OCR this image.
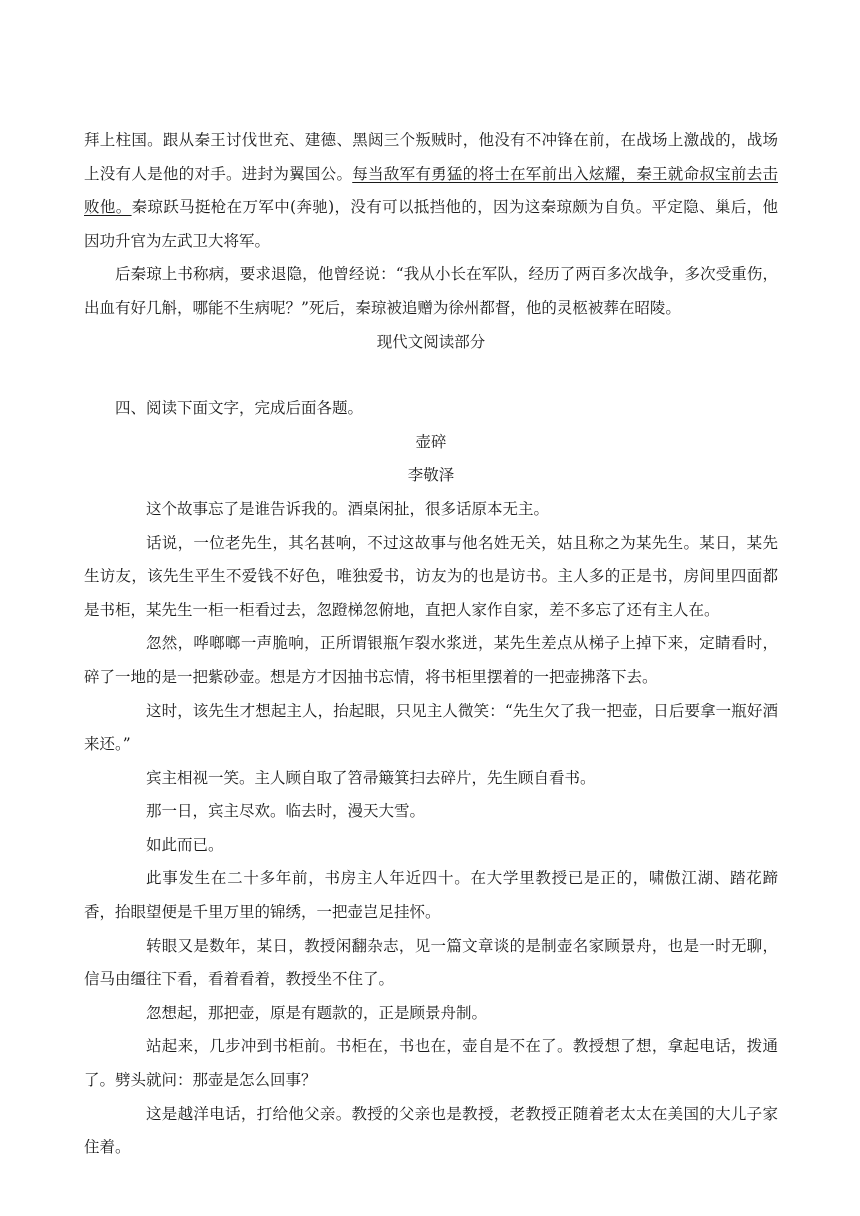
拜上柱国。跟从秦王讨伐世充、建德、黑闼三个叛贼时，他没有不冲锋在前，在战场上激战的，战场上没有人是他的对手。进封为翼国公。每当敌军有勇猛的将士在军前出入炫耀，秦王就命叔宝前去击败他。秦琼跃马挺枪在万军中(奔驰)，没有可以抵挡他的，因为这秦琼颇为自负。平定隐、巢后，他因功升官为左武卫大将军。

后秦琼上书称病，要求退隐，他曾经说：“我从小长在军队，经历了两百多次战争，多次受重伤，出血有好几斛，哪能不生病呢？”死后，秦琼被追赠为徐州都督，他的灵柩被葬在昭陵。

现代文阅读部分

四、阅读下面文字，完成后面各题。

壶碎

李敬泽

这个故事忘了是谁告诉我的。酒桌闲扯，很多话原本无主。

话说，一位老先生，其名甚响，不过这故事与他名姓无关，姑且称之为某先生。某日，某先生访友，该先生平生不爱钱不好色，唯独爱书，访友为的也是访书。主人多的正是书，房间里四面都是书柜，某先生一柜一柜看过去，忽蹬梯忽俯地，直把人家作自家，差不多忘了还有主人在。

忽然，哗啷啷一声脆响，正所谓银瓶乍裂水浆迸，某先生差点从梯子上掉下来，定睛看时，碎了一地的是一把紫砂壶。想是方才因抽书忘情，将书柜里摆着的一把壶拂落下去。

这时，该先生才想起主人，抬起眼，只见主人微笑：“先生欠了我一把壶，日后要拿一瓶好酒来还。”

宾主相视一笑。主人顾自取了笤帚簸箕扫去碎片，先生顾自看书。

那一日，宾主尽欢。临去时，漫天大雪。

如此而已。

此事发生在二十多年前，书房主人年近四十。在大学里教授已是正的，啸傲江湖、踏花蹄香，抬眼望便是千里万里的锦绣，一把壶岂足挂怀。

转眼又是数年，某日，教授闲翻杂志，见一篇文章谈的是制壶名家顾景舟，也是一时无聊，信马由缰往下看，看着看着，教授坐不住了。

忽想起，那把壶，原是有题款的，正是顾景舟制。

站起来，几步冲到书柜前。书柜在，书也在，壶自是不在了。教授想了想，拿起电话，拨通了。劈头就问：那壶是怎么回事？

这是越洋电话，打给他父亲。教授的父亲也是教授，老教授正随着老太太在美国的大儿子家住着。
